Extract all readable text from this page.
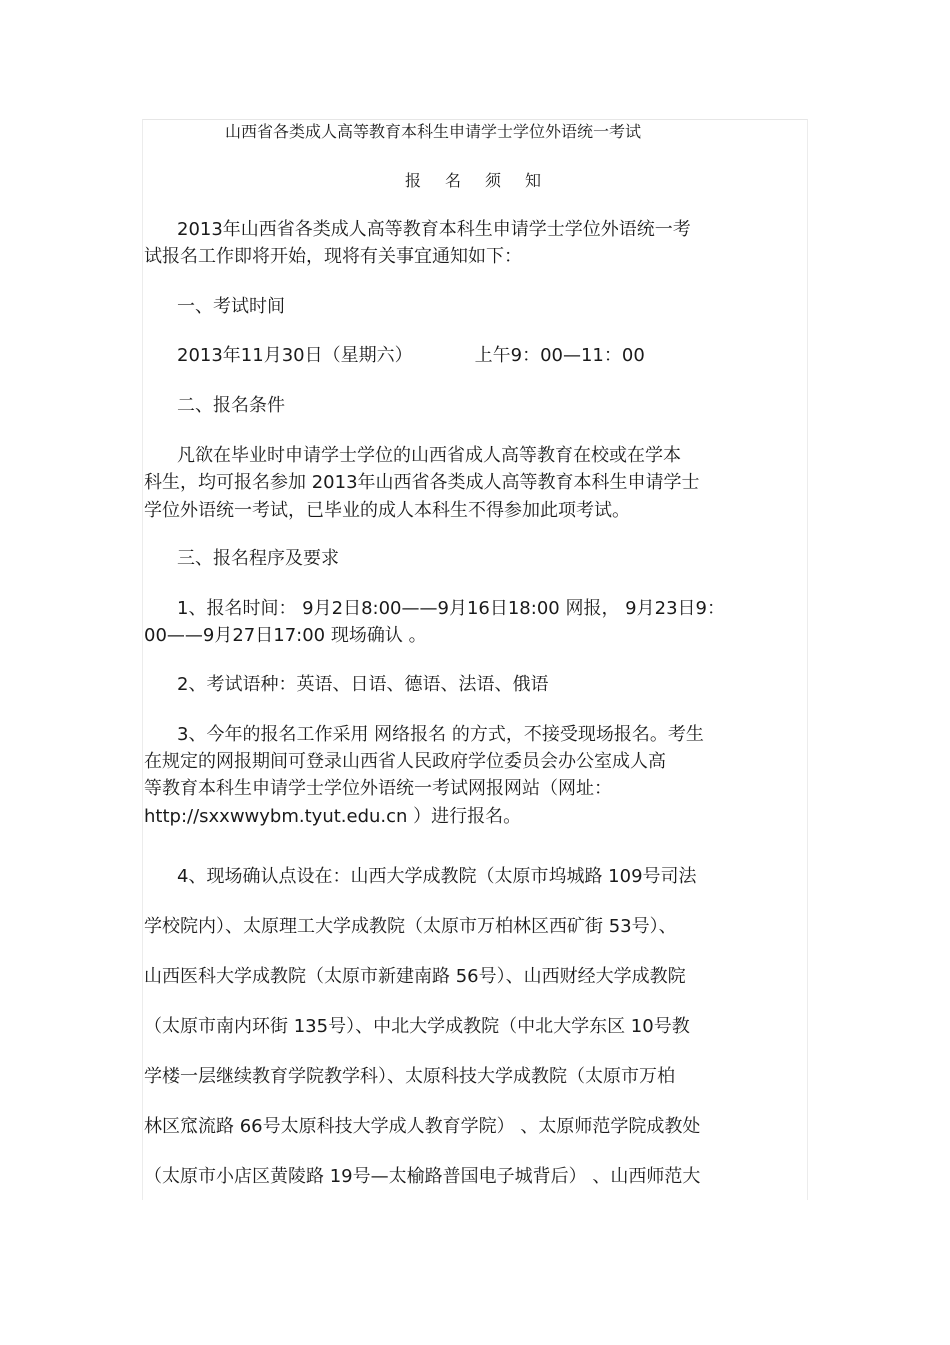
山西省各类成人高等教育本科生申请学士学位外语统一考试

报名须知

2013年山西省各类成人高等教育本科生申请学士学位外语统一考

试报名工作即将开始，现将有关事宜通知如下：

一、考试时间

2013年11月30日（星期六）	上午9：00—11：00

二、报名条件

凡欲在毕业时申请学士学位的山西省成人高等教育在校或在学本

科生，均可报名参加 2013年山西省各类成人高等教育本科生申请学士

学位外语统一考试，已毕业的成人本科生不得参加此项考试。

三、报名程序及要求

1、报名时间： 9月2日8:00——9月16日18:00 网报， 9月23日9：

00——9月27日17:00 现场确认 。

2、考试语种：英语、日语、德语、法语、俄语

3、今年的报名工作采用 网络报名 的方式，不接受现场报名。考生

在规定的网报期间可登录山西省人民政府学位委员会办公室成人高

等教育本科生申请学士学位外语统一考试网报网站（网址：

http://sxxwwybm.tyut.edu.cn ）进行报名。

4、现场确认点设在：山西大学成教院（太原市坞城路 109号司法

学校院内）、太原理工大学成教院（太原市万柏林区西矿街 53号）、

山西医科大学成教院（太原市新建南路 56号）、山西财经大学成教院

（太原市南内环街 135号）、中北大学成教院（中北大学东区 10号教

学楼一层继续教育学院教学科）、太原科技大学成教院（太原市万柏

林区窊流路 66号太原科技大学成人教育学院） 、太原师范学院成教处

（太原市小店区黄陵路 19号—太榆路普国电子城背后） 、山西师范大
